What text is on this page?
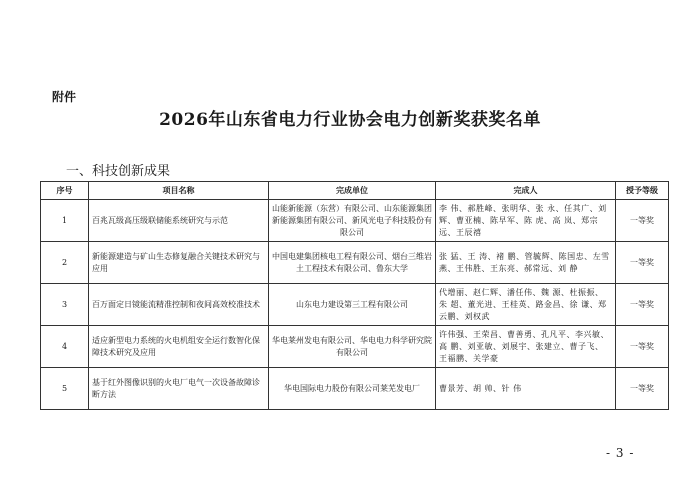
附件
2026年山东省电力行业协会电力创新奖获奖名单
一、科技创新成果
序号	项目名称	完成单位	完成人	授予等级
1	百兆瓦级高压级联储能系统研究与示范	山能新能源（东营）有限公司、山东能源集团新能源集团有限公司、新风光电子科技股份有限公司	李 伟、郝胜峰、张明华、张 永、任其广、刘 辉、曹亚楠、陈早军、陈 虎、高 岚、郑宗远、王辰禧	一等奖
2	新能源建造与矿山生态修复融合关键技术研究与应用	中国电建集团核电工程有限公司、烟台三维岩土工程技术有限公司、鲁东大学	张 猛、王 涛、褚 鹏、管毓辉、陈国忠、左雪燕、王伟胜、王东亮、郝常远、刘 静	一等奖
3	百万面定日镜能流精准控制和夜间高效校准技术	山东电力建设第三工程有限公司	代增丽、赵仁辉、潘任伟、魏 源、杜振振、朱 超、董光进、王桂英、路金昌、徐 谦、郑云鹏、刘权武	一等奖
4	适应新型电力系统的火电机组安全运行数智化保障技术研究及应用	华电莱州发电有限公司、华电电力科学研究院有限公司	许伟强、王荣昌、曹善勇、孔凡平、李兴敏、高 鹏、刘亚敏、刘展宇、张建立、曹子飞、王福鹏、关学豪	一等奖
5	基于红外图像识别的火电厂电气一次设备故障诊断方法	华电国际电力股份有限公司莱芜发电厂	曹景芳、胡 帅、针 伟	一等奖
- 3 -
